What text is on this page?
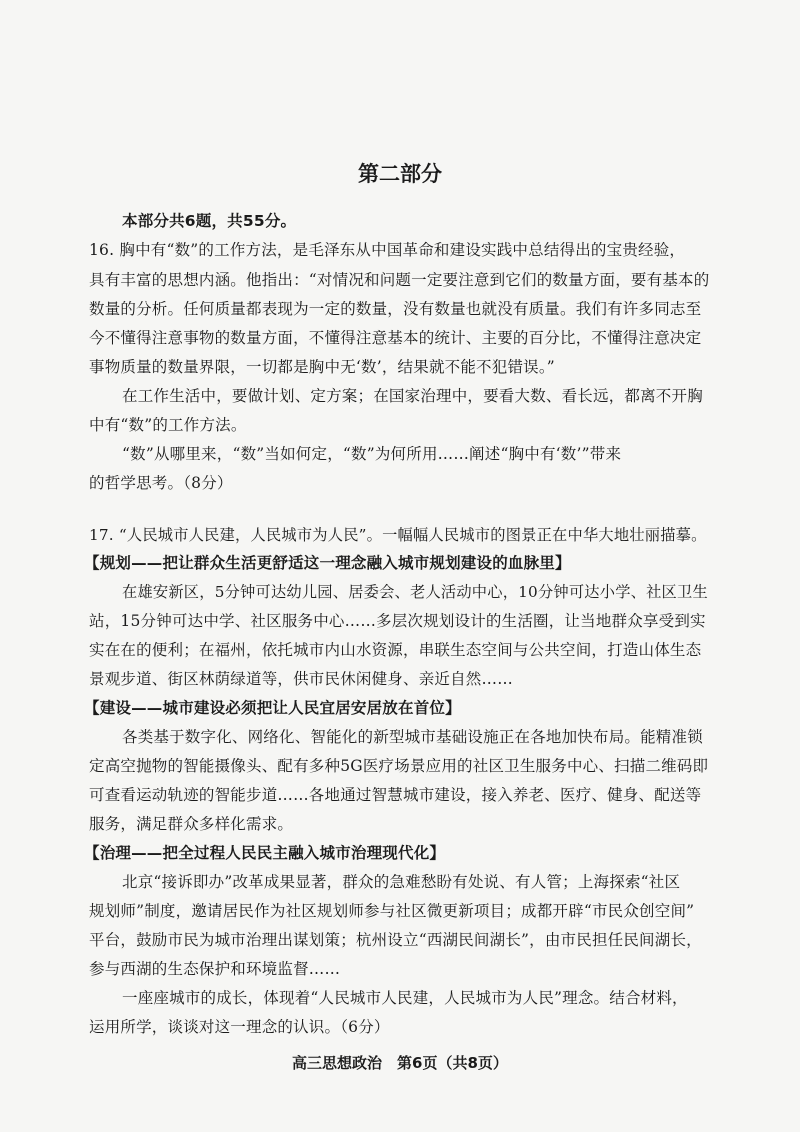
第二部分
本部分共6题，共55分。
16. 胸中有“数”的工作方法，是毛泽东从中国革命和建设实践中总结得出的宝贵经验，
具有丰富的思想内涵。他指出：“对情况和问题一定要注意到它们的数量方面，要有基本的
数量的分析。任何质量都表现为一定的数量，没有数量也就没有质量。我们有许多同志至
今不懂得注意事物的数量方面，不懂得注意基本的统计、主要的百分比，不懂得注意决定
事物质量的数量界限，一切都是胸中无‘数’，结果就不能不犯错误。”
在工作生活中，要做计划、定方案；在国家治理中，要看大数、看长远，都离不开胸
中有“数”的工作方法。
“数”从哪里来，“数”当如何定，“数”为何所用……阐述“胸中有‘数’”带来
的哲学思考。（8分）
17. “人民城市人民建，人民城市为人民”。一幅幅人民城市的图景正在中华大地壮丽描摹。
【规划——把让群众生活更舒适这一理念融入城市规划建设的血脉里】
在雄安新区，5分钟可达幼儿园、居委会、老人活动中心，10分钟可达小学、社区卫生
站，15分钟可达中学、社区服务中心……多层次规划设计的生活圈，让当地群众享受到实
实在在的便利；在福州，依托城市内山水资源，串联生态空间与公共空间，打造山体生态
景观步道、街区林荫绿道等，供市民休闲健身、亲近自然……
【建设——城市建设必须把让人民宜居安居放在首位】
各类基于数字化、网络化、智能化的新型城市基础设施正在各地加快布局。能精准锁
定高空抛物的智能摄像头、配有多种5G医疗场景应用的社区卫生服务中心、扫描二维码即
可查看运动轨迹的智能步道……各地通过智慧城市建设，接入养老、医疗、健身、配送等
服务，满足群众多样化需求。
【治理——把全过程人民民主融入城市治理现代化】
北京“接诉即办”改革成果显著，群众的急难愁盼有处说、有人管；上海探索“社区
规划师”制度，邀请居民作为社区规划师参与社区微更新项目；成都开辟“市民众创空间”
平台，鼓励市民为城市治理出谋划策；杭州设立“西湖民间湖长”，由市民担任民间湖长，
参与西湖的生态保护和环境监督……
一座座城市的成长，体现着“人民城市人民建，人民城市为人民”理念。结合材料，
运用所学，谈谈对这一理念的认识。（6分）
高三思想政治　第6页（共8页）
